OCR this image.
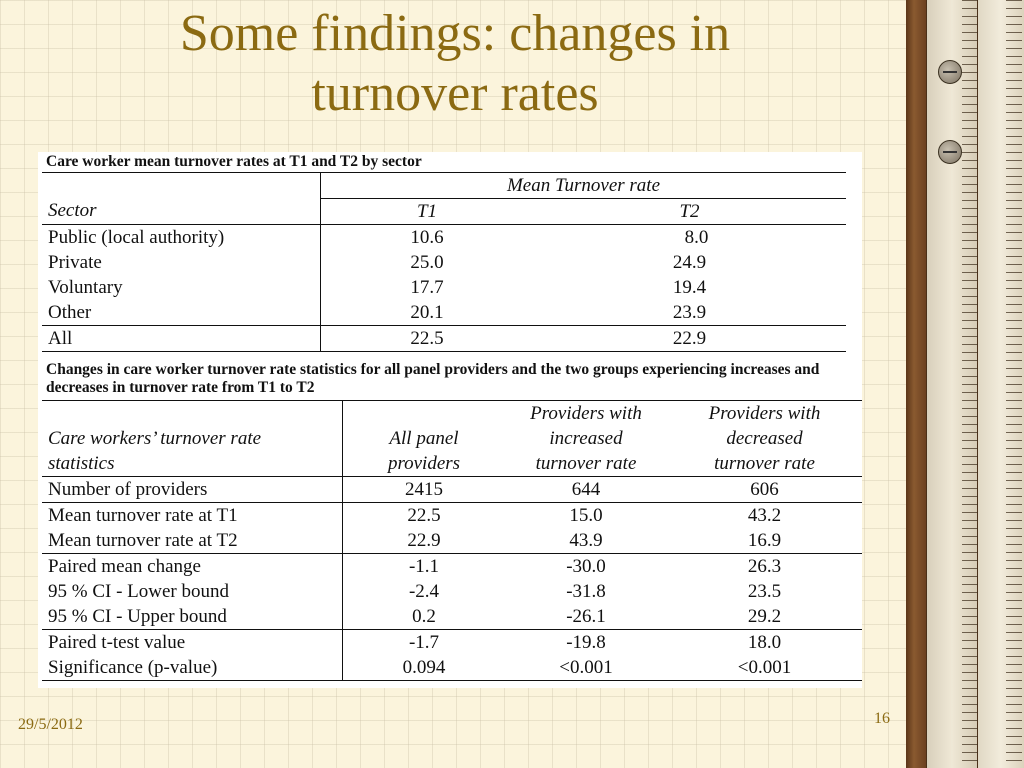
Some findings: changes in
turnover rates
Care worker mean turnover rates at T1 and T2 by sector		
	Mean Turnover rate	
Sector	T1	T2
Public (local authority)	10.6	8.0
Private	25.0	24.9
Voluntary	17.7	19.4
Other	20.1	23.9
All	22.5	22.9
Changes in care worker turnover rate statistics for all panel providers and the two groups experiencing increases and decreases in turnover rate from T1 to T2			
		Providers with	Providers with
Care workers’ turnover rate	All panel	increased	decreased
statistics	providers	turnover rate	turnover rate
Number of providers	2415	644	606
Mean turnover rate at T1	22.5	15.0	43.2
Mean turnover rate at T2	22.9	43.9	16.9
Paired mean change	-1.1	-30.0	26.3
95 % CI - Lower bound	-2.4	-31.8	23.5
95 % CI - Upper bound	0.2	-26.1	29.2
Paired t-test value	-1.7	-19.8	18.0
Significance (p-value)	0.094	<0.001	<0.001
29/5/2012	16
